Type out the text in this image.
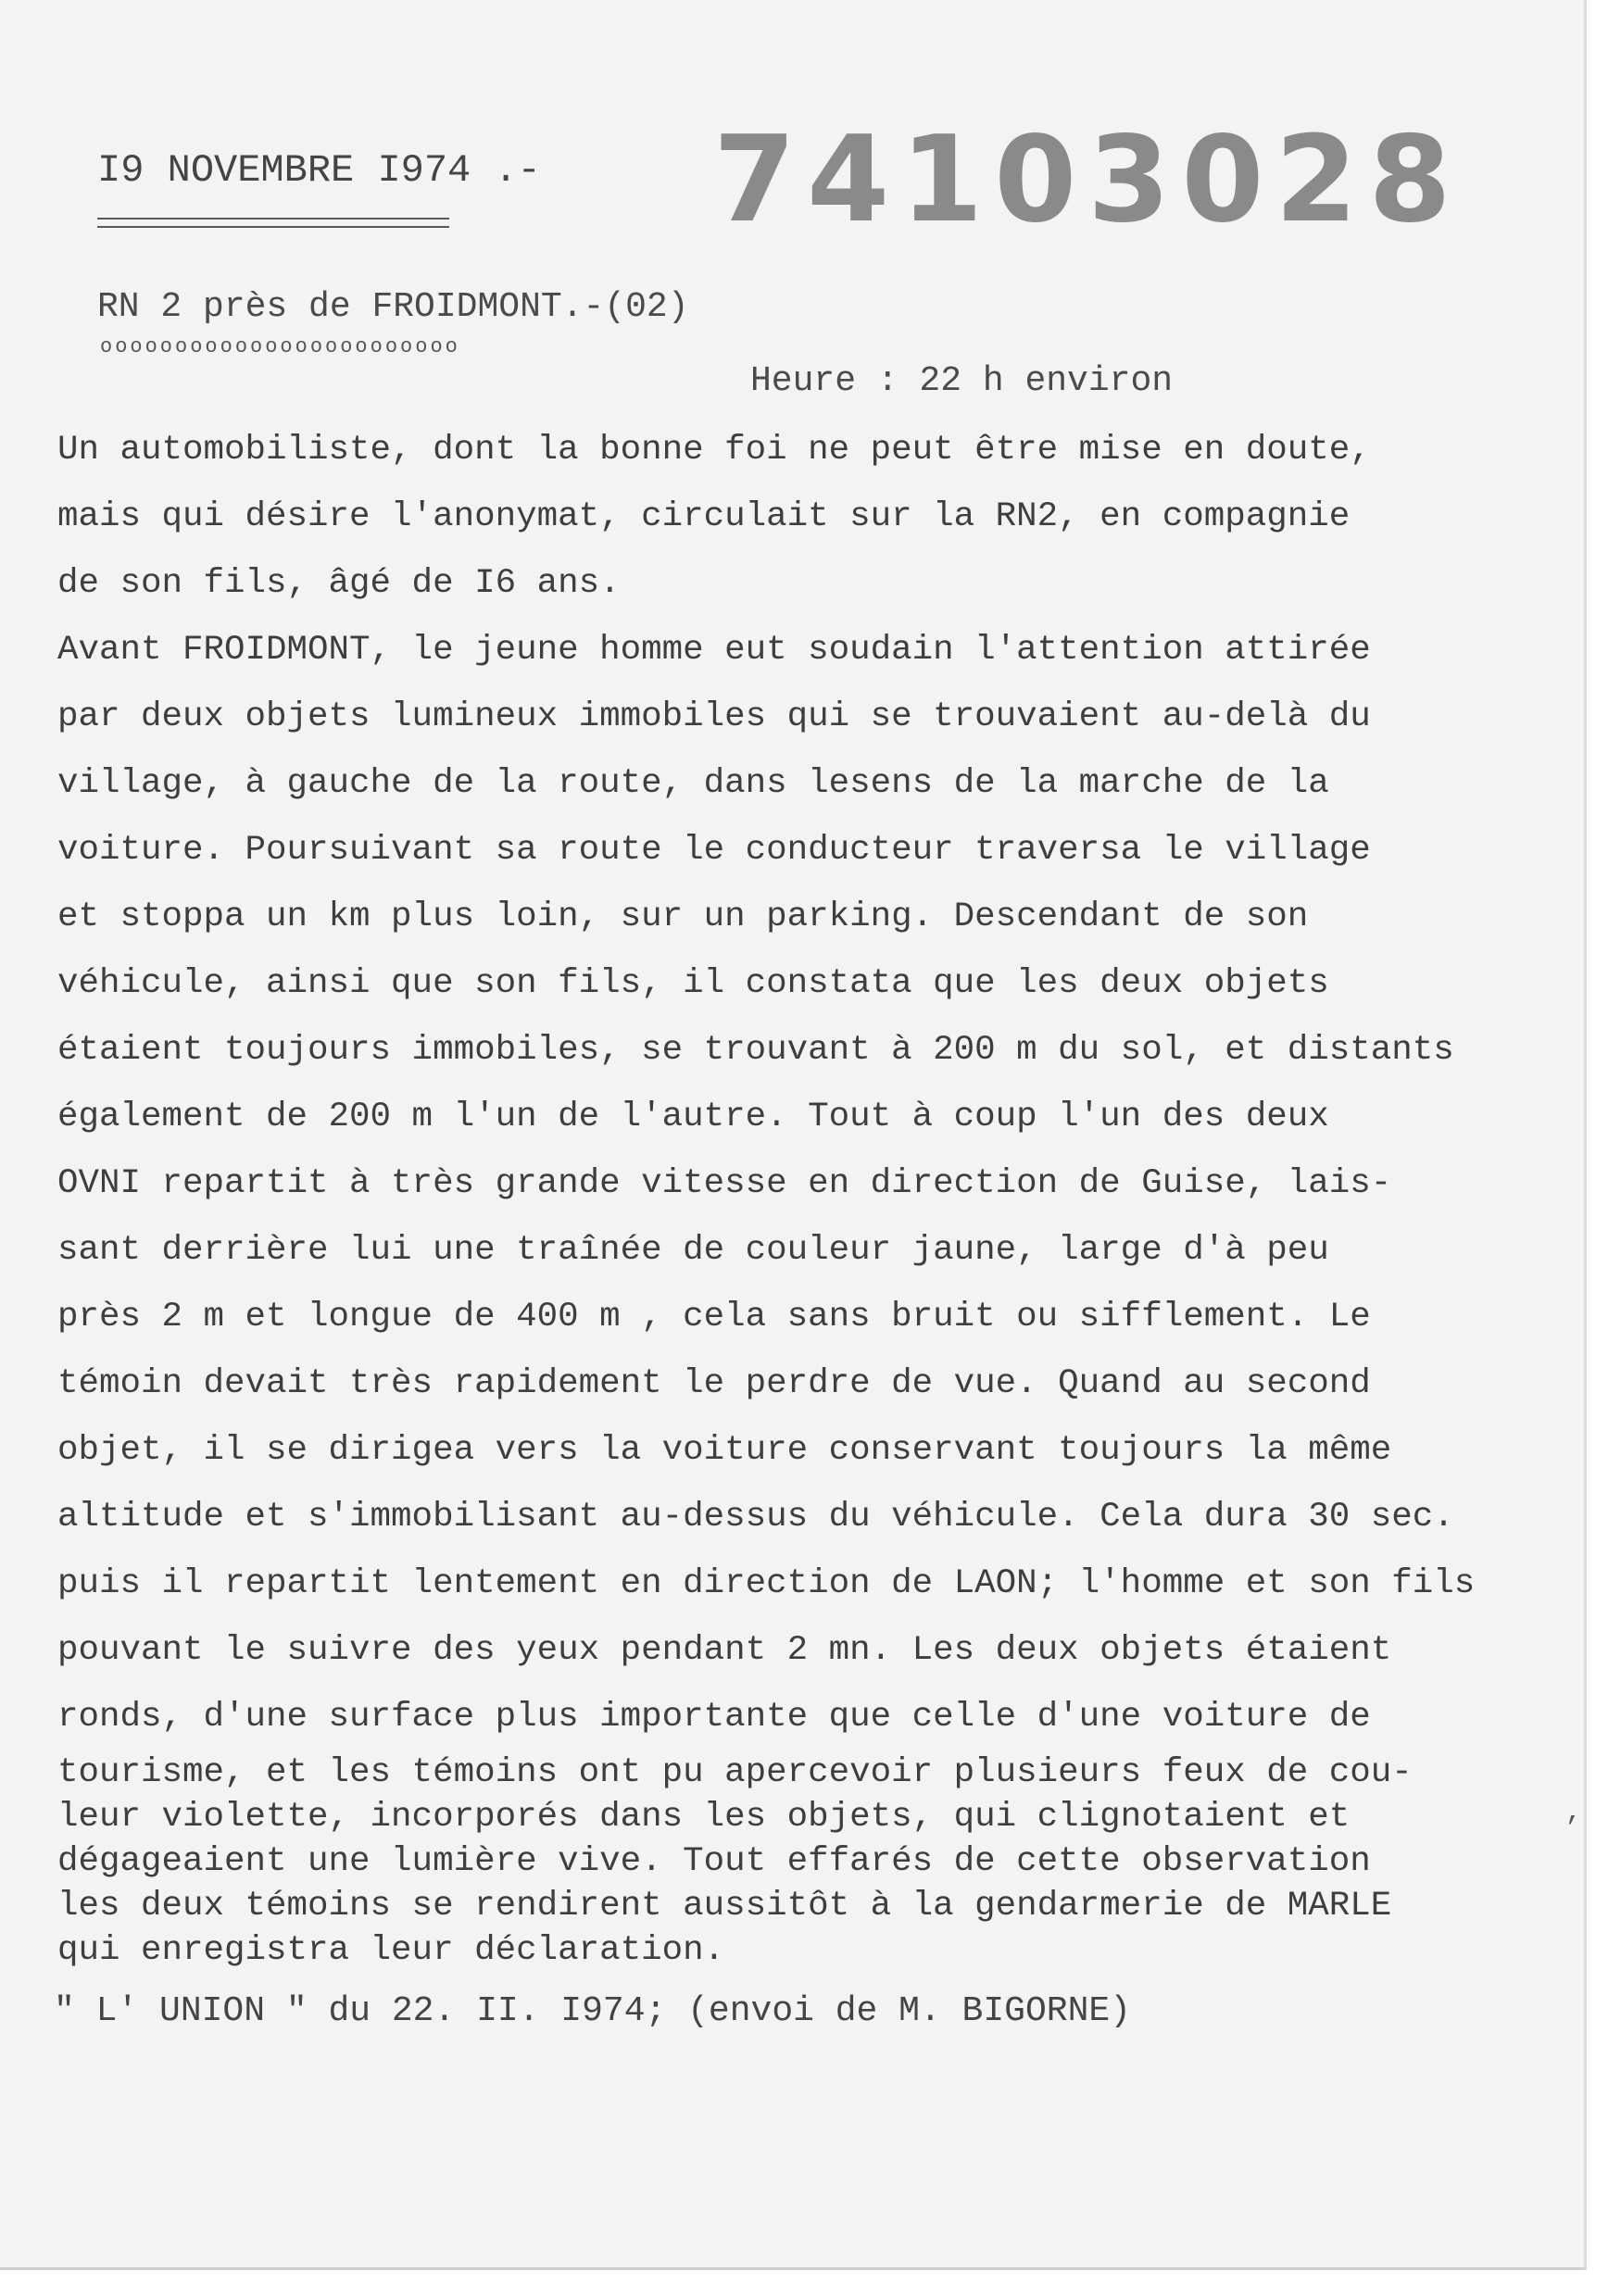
I9 NOVEMBRE I974 .- 74103028
RN 2 près de FROIDMONT.-(02)
oooooooooooooooooooooooo
Heure : 22 h environ
Un automobiliste, dont la bonne foi ne peut être mise en doute,
mais qui désire l'anonymat, circulait sur la RN2, en compagnie
de son fils, âgé de I6 ans.
Avant FROIDMONT, le jeune homme eut soudain l'attention attirée
par deux objets lumineux immobiles qui se trouvaient au-delà du
village, à gauche de la route, dans lesens de la marche de la
voiture. Poursuivant sa route le conducteur traversa le village
et stoppa un km plus loin, sur un parking. Descendant de son
véhicule, ainsi que son fils, il constata que les deux objets
étaient toujours immobiles, se trouvant à 200 m du sol, et distants
également de 200 m l'un de l'autre. Tout à coup l'un des deux
OVNI repartit à très grande vitesse en direction de Guise, lais-
sant derrière lui une traînée de couleur jaune, large d'à peu
près 2 m et longue de 400 m , cela sans bruit ou sifflement. Le
témoin devait très rapidement le perdre de vue. Quand au second
objet, il se dirigea vers la voiture conservant toujours la même
altitude et s'immobilisant au-dessus du véhicule. Cela dura 30 sec.
puis il repartit lentement en direction de LAON; l'homme et son fils
pouvant le suivre des yeux pendant 2 mn. Les deux objets étaient
ronds, d'une surface plus importante que celle d'une voiture de
tourisme, et les témoins ont pu apercevoir plusieurs feux de cou-
leur violette, incorporés dans les objets, qui clignotaient et
dégageaient une lumière vive. Tout effarés de cette observation
les deux témoins se rendirent aussitôt à la gendarmerie de MARLE
qui enregistra leur déclaration.
" L' UNION " du 22. II. I974; (envoi de M. BIGORNE)
,
